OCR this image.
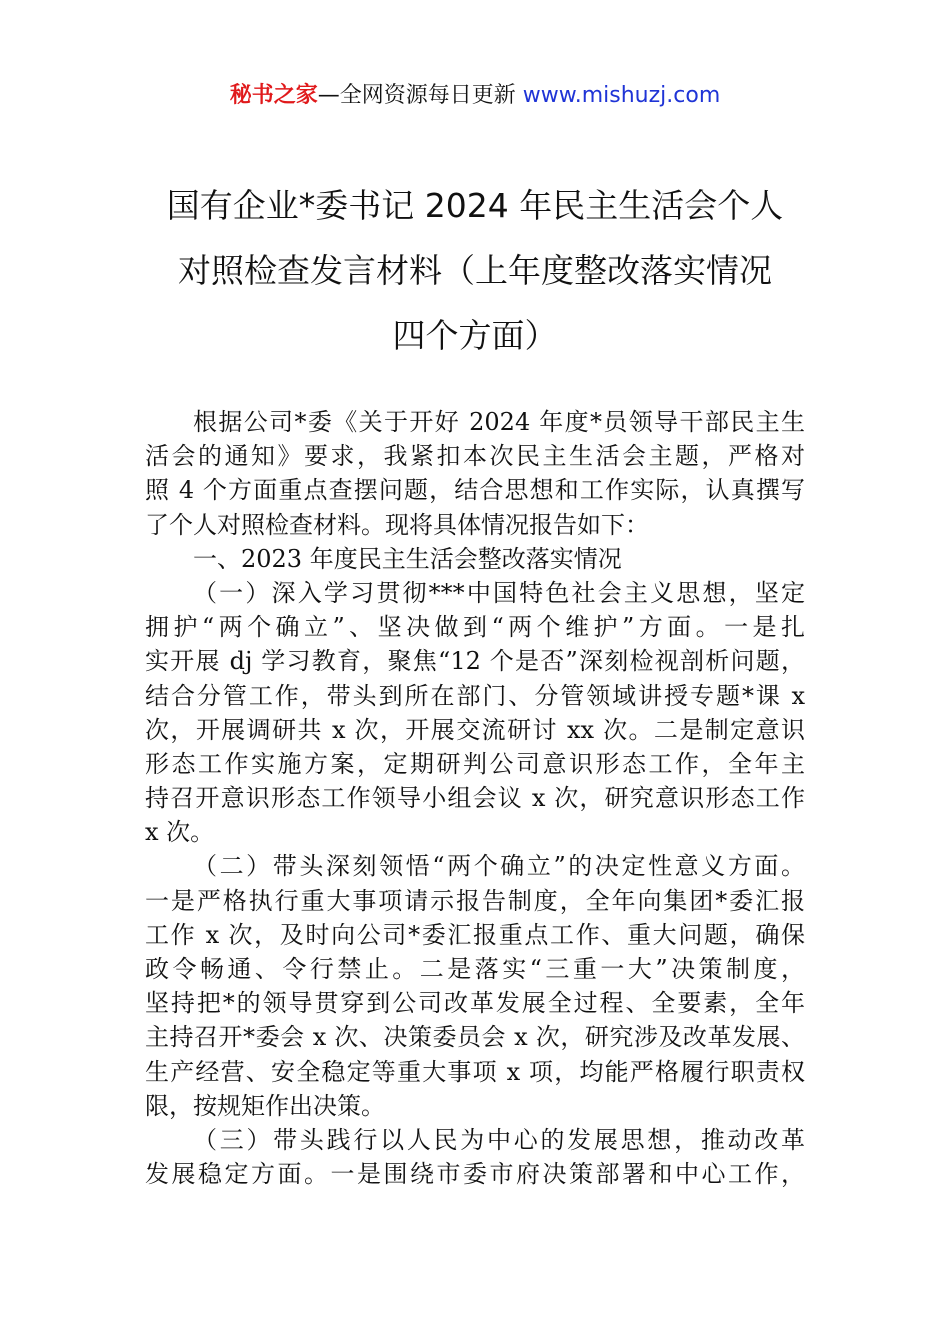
秘书之家—全网资源每日更新 www.mishuzj.com
国有企业*委书记 2024 年民主生活会个人
对照检查发言材料（上年度整改落实情况
四个方面）
根据公司*委《关于开好 2024 年度*员领导干部民主生
活会的通知》要求，我紧扣本次民主生活会主题，严格对
照 4 个方面重点查摆问题，结合思想和工作实际，认真撰写
了个人对照检查材料。现将具体情况报告如下：
一、2023 年度民主生活会整改落实情况
（一）深入学习贯彻***中国特色社会主义思想，坚定
拥护“两个确立”、坚决做到“两个维护”方面。一是扎
实开展 dj 学习教育，聚焦“12 个是否”深刻检视剖析问题，
结合分管工作，带头到所在部门、分管领域讲授专题*课 x
次，开展调研共 x 次，开展交流研讨 xx 次。二是制定意识
形态工作实施方案，定期研判公司意识形态工作，全年主
持召开意识形态工作领导小组会议 x 次，研究意识形态工作
x 次。
（二）带头深刻领悟“两个确立”的决定性意义方面。
一是严格执行重大事项请示报告制度，全年向集团*委汇报
工作 x 次，及时向公司*委汇报重点工作、重大问题，确保
政令畅通、令行禁止。二是落实“三重一大”决策制度，
坚持把*的领导贯穿到公司改革发展全过程、全要素，全年
主持召开*委会 x 次、决策委员会 x 次，研究涉及改革发展、
生产经营、安全稳定等重大事项 x 项，均能严格履行职责权
限，按规矩作出决策。
（三）带头践行以人民为中心的发展思想，推动改革
发展稳定方面。一是围绕市委市府决策部署和中心工作，
